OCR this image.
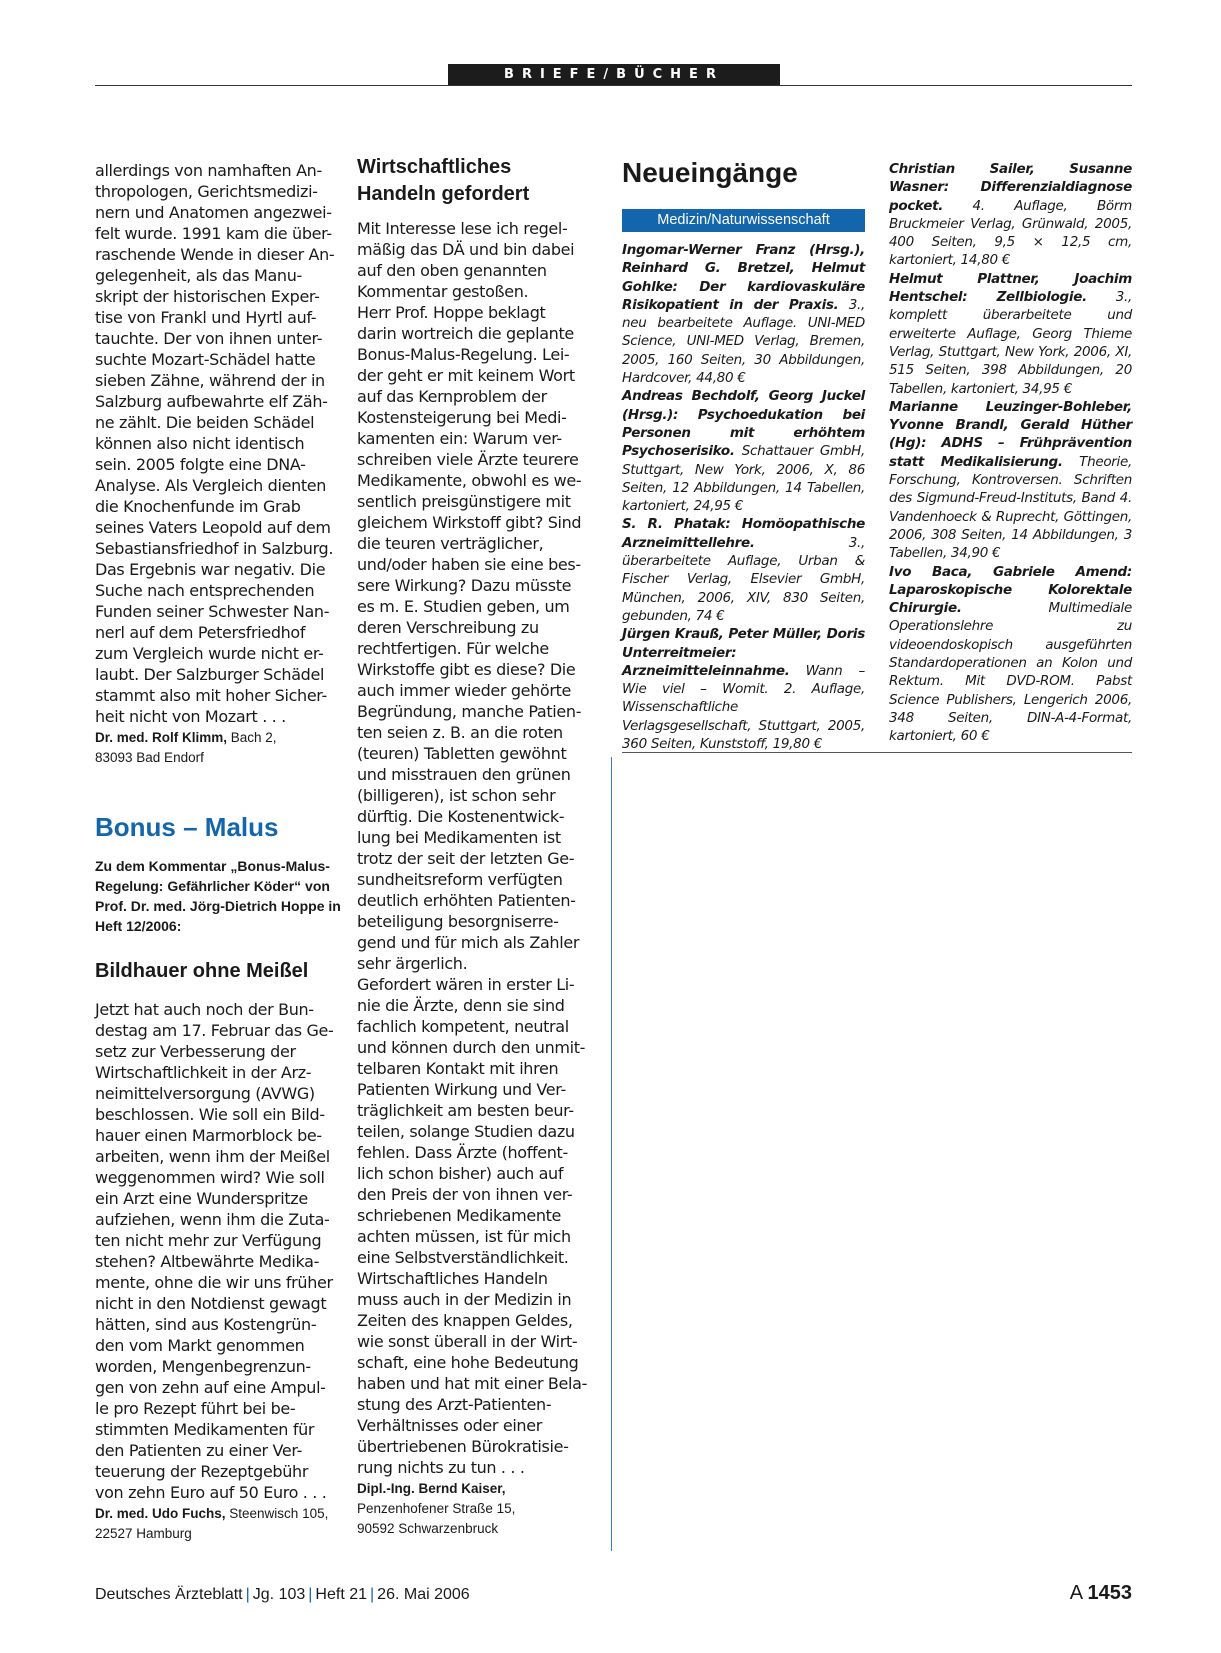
BRIEFE/BÜCHER
allerdings von namhaften An-
thropologen, Gerichtsmedizi-
nern und Anatomen angezwei-
felt wurde. 1991 kam die über-
raschende Wende in dieser An-
gelegenheit, als das Manu-
skript der historischen Exper-
tise von Frankl und Hyrtl auf-
tauchte. Der von ihnen unter-
suchte Mozart-Schädel hatte
sieben Zähne, während der in
Salzburg aufbewahrte elf Zäh-
ne zählt. Die beiden Schädel
können also nicht identisch
sein. 2005 folgte eine DNA-
Analyse. Als Vergleich dienten
die Knochenfunde im Grab
seines Vaters Leopold auf dem
Sebastiansfriedhof in Salzburg.
Das Ergebnis war negativ. Die
Suche nach entsprechenden
Funden seiner Schwester Nan-
nerl auf dem Petersfriedhof
zum Vergleich wurde nicht er-
laubt. Der Salzburger Schädel
stammt also mit hoher Sicher-
heit nicht von Mozart . . .
Dr. med. Rolf Klimm, Bach 2,
83093 Bad Endorf
Bonus – Malus
Zu dem Kommentar „Bonus-Malus-
Regelung: Gefährlicher Köder“ von
Prof. Dr. med. Jörg-Dietrich Hoppe in
Heft 12/2006:
Bildhauer ohne Meißel
Jetzt hat auch noch der Bun-
destag am 17. Februar das Ge-
setz zur Verbesserung der
Wirtschaftlichkeit in der Arz-
neimittelversorgung (AVWG)
beschlossen. Wie soll ein Bild-
hauer einen Marmorblock be-
arbeiten, wenn ihm der Meißel
weggenommen wird? Wie soll
ein Arzt eine Wunderspritze
aufziehen, wenn ihm die Zuta-
ten nicht mehr zur Verfügung
stehen? Altbewährte Medika-
mente, ohne die wir uns früher
nicht in den Notdienst gewagt
hätten, sind aus Kostengrün-
den vom Markt genommen
worden, Mengenbegrenzun-
gen von zehn auf eine Ampul-
le pro Rezept führt bei be-
stimmten Medikamenten für
den Patienten zu einer Ver-
teuerung der Rezeptgebühr
von zehn Euro auf 50 Euro . . .
Dr. med. Udo Fuchs, Steenwisch 105,
22527 Hamburg
Wirtschaftliches
Handeln gefordert
Mit Interesse lese ich regel-
mäßig das DÄ und bin dabei
auf den oben genannten
Kommentar gestoßen.
Herr Prof. Hoppe beklagt
darin wortreich die geplante
Bonus-Malus-Regelung. Lei-
der geht er mit keinem Wort
auf das Kernproblem der
Kostensteigerung bei Medi-
kamenten ein: Warum ver-
schreiben viele Ärzte teurere
Medikamente, obwohl es we-
sentlich preisgünstigere mit
gleichem Wirkstoff gibt? Sind
die teuren verträglicher,
und/oder haben sie eine bes-
sere Wirkung? Dazu müsste
es m. E. Studien geben, um
deren Verschreibung zu
rechtfertigen. Für welche
Wirkstoffe gibt es diese? Die
auch immer wieder gehörte
Begründung, manche Patien-
ten seien z. B. an die roten
(teuren) Tabletten gewöhnt
und misstrauen den grünen
(billigeren), ist schon sehr
dürftig. Die Kostenentwick-
lung bei Medikamenten ist
trotz der seit der letzten Ge-
sundheitsreform verfügten
deutlich erhöhten Patienten-
beteiligung besorgniserre-
gend und für mich als Zahler
sehr ärgerlich.
Gefordert wären in erster Li-
nie die Ärzte, denn sie sind
fachlich kompetent, neutral
und können durch den unmit-
telbaren Kontakt mit ihren
Patienten Wirkung und Ver-
träglichkeit am besten beur-
teilen, solange Studien dazu
fehlen. Dass Ärzte (hoffent-
lich schon bisher) auch auf
den Preis der von ihnen ver-
schriebenen Medikamente
achten müssen, ist für mich
eine Selbstverständlichkeit.
Wirtschaftliches Handeln
muss auch in der Medizin in
Zeiten des knappen Geldes,
wie sonst überall in der Wirt-
schaft, eine hohe Bedeutung
haben und hat mit einer Bela-
stung des Arzt-Patienten-
Verhältnisses oder einer
übertriebenen Bürokratisie-
rung nichts zu tun . . .
Dipl.-Ing. Bernd Kaiser,
Penzenhofener Straße 15,
90592 Schwarzenbruck
Neueingänge
Medizin/Naturwissenschaft

Ingomar-Werner Franz (Hrsg.), Reinhard G. Bretzel, Helmut Gohlke: Der kardiovaskuläre Risikopatient in der Praxis. 3., neu bearbeitete Auflage. UNI-MED Science, UNI-MED Verlag, Bremen, 2005, 160 Seiten, 30 Abbildungen, Hardcover, 44,80 €

Andreas Bechdolf, Georg Juckel (Hrsg.): Psychoedukation bei Personen mit erhöhtem Psychoserisiko. Schattauer GmbH, Stuttgart, New York, 2006, X, 86 Seiten, 12 Abbildungen, 14 Tabellen, kartoniert, 24,95 €

S. R. Phatak: Homöopathische Arzneimittellehre. 3., überarbeitete Auflage, Urban & Fischer Verlag, Elsevier GmbH, München, 2006, XIV, 830 Seiten, gebunden, 74 €

Jürgen Krauß, Peter Müller, Doris Unterreitmeier: Arzneimitteleinnahme. Wann – Wie viel – Womit. 2. Auflage, Wissenschaftliche Verlagsgesellschaft, Stuttgart, 2005, 360 Seiten, Kunststoff, 19,80 €

Christian Sailer, Susanne Wasner: Differenzialdiagnose pocket. 4. Auflage, Börm Bruckmeier Verlag, Grünwald, 2005, 400 Seiten, 9,5 × 12,5 cm, kartoniert, 14,80 €

Helmut Plattner, Joachim Hentschel: Zellbiologie. 3., komplett überarbeitete und erweiterte Auflage, Georg Thieme Verlag, Stuttgart, New York, 2006, XI, 515 Seiten, 398 Abbildungen, 20 Tabellen, kartoniert, 34,95 €

Marianne Leuzinger-Bohleber, Yvonne Brandl, Gerald Hüther (Hg): ADHS – Frühprävention statt Medikalisierung. Theorie, Forschung, Kontroversen. Schriften des Sigmund-Freud-Instituts, Band 4. Vandenhoeck & Ruprecht, Göttingen, 2006, 308 Seiten, 14 Abbildungen, 3 Tabellen, 34,90 €

Ivo Baca, Gabriele Amend: Laparoskopische Kolorektale Chirurgie. Multimediale Operationslehre zu videoendoskopisch ausgeführten Standardoperationen an Kolon und Rektum. Mit DVD-ROM. Pabst Science Publishers, Lengerich 2006, 348 Seiten, DIN-A-4-Format, kartoniert, 60 €

Deutsches Ärzteblatt | Jg. 103 | Heft 21 | 26. Mai 2006	A 1453
